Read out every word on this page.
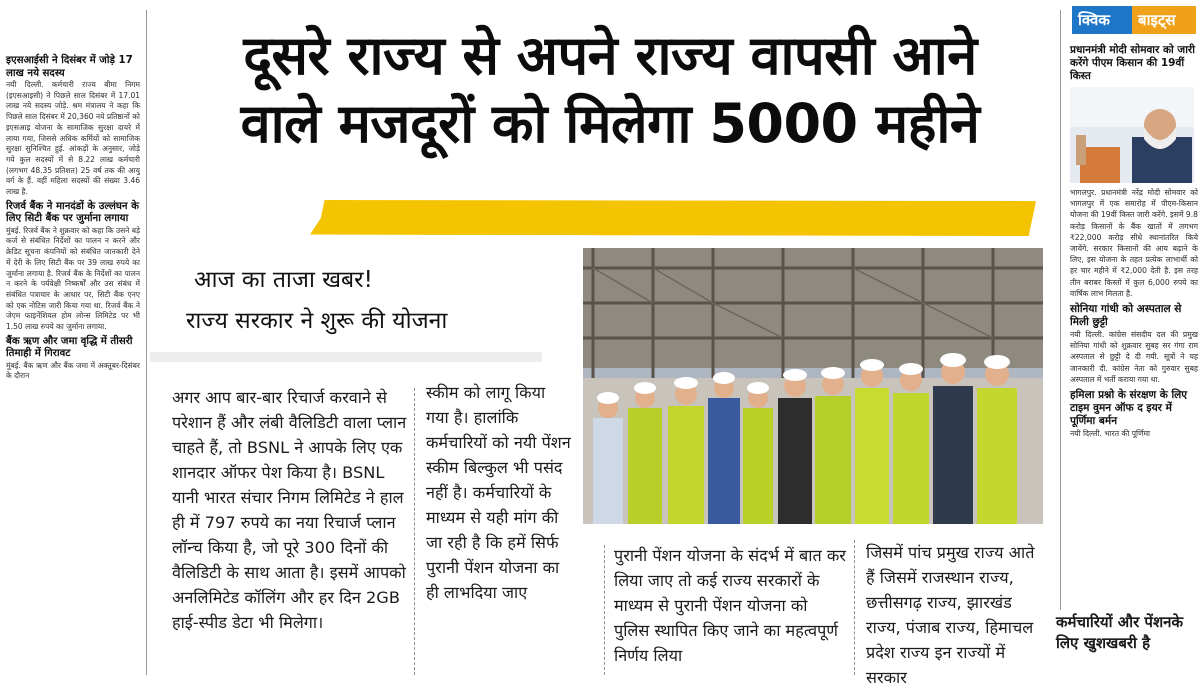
इएसआईसी ने दिसंबर में जोड़े 17 लाख नये सदस्य
नयी दिल्ली. कर्मचारी राज्य बीमा निगम (इएसआइसी) ने पिछले साल दिसंबर में 17.01 लाख नये सदस्य जोड़े. श्रम मंत्रालय ने कहा कि पिछले साल दिसंबर में 20,360 नये प्रतिष्ठानों को इएसआइ योजना के सामाजिक सुरक्षा दायरे में लाया गया, जिससे अधिक कर्मियों को सामाजिक सुरक्षा सुनिश्चित हुई. आंकड़ों के अनुसार, जोड़े गये कुल सदस्यों में से 8.22 लाख कर्मचारी (लगभग 48.35 प्रतिशत) 25 वर्ष तक की आयु वर्ग के हैं. वहीं महिला सदस्यों की संख्या 3.46 लाख है.
रिजर्व बैंक ने मानदंडों के उल्लंघन के लिए सिटी बैंक पर जुर्माना लगाया
मुंबई. रिजर्व बैंक ने शुक्रवार को कहा कि उसने बड़े कर्ज से संबंधित निर्देशों का पालन न करने और क्रेडिट सूचना कंपनियों को संबंधित जानकारी देने में देरी के लिए सिटी बैंक पर 39 लाख रुपये का जुर्माना लगाया है. रिजर्व बैंक के निर्देशों का पालन न करने के पर्यवेक्षी निष्कर्षों और उस संबंध में संबंधित पत्राचार के आधार पर, सिटी बैंक एनए को एक नोटिस जारी किया गया था. रिजर्व बैंक ने जेएम फाइनेंशियल होम लोन्स लिमिटेड पर भी 1.50 लाख रुपये का जुर्माना लगाया.
बैंक ऋण और जमा वृद्धि में तीसरी तिमाही में गिरावट
मुंबई. बैंक ऋण और बैंक जमा में अक्तूबर-दिसंबर के दौरान
दूसरे राज्य से अपने राज्य वापसी आने
वाले मजदूरों को मिलेगा 5000 महीने
आज का ताजा खबर!
राज्य सरकार ने शुरू की योजना
अगर आप बार-बार रिचार्ज करवाने से परेशान हैं और लंबी वैलिडिटी वाला प्लान चाहते हैं, तो BSNL ने आपके लिए एक शानदार ऑफर पेश किया है। BSNL यानी भारत संचार निगम लिमिटेड ने हाल ही में 797 रुपये का नया रिचार्ज प्लान लॉन्च किया है, जो पूरे 300 दिनों की वैलिडिटी के साथ आता है। इसमें आपको अनलिमिटेड कॉलिंग और हर दिन 2GB हाई-स्पीड डेटा भी मिलेगा।
स्कीम को लागू किया गया है। हालांकि कर्मचारियों को नयी पेंशन स्कीम बिल्कुल भी पसंद नहीं है। कर्मचारियों के माध्यम से यही मांग की जा रही है कि हमें सिर्फ पुरानी पेंशन योजना का ही लाभदिया जाए
पुरानी पेंशन योजना के संदर्भ में बात कर लिया जाए तो कई राज्य सरकारों के माध्यम से पुरानी पेंशन योजना को पुलिस स्थापित किए जाने का महत्वपूर्ण निर्णय लिया
जिसमें पांच प्रमुख राज्य आते हैं जिसमें राजस्थान राज्य, छत्तीसगढ़ राज्य, झारखंड राज्य, पंजाब राज्य, हिमाचल प्रदेश राज्य इन राज्यों में सरकार
क्विक	बाइट्स
प्रधानमंत्री मोदी सोमवार को जारी करेंगे पीएम किसान की 19वीं किस्त
भागलपुर. प्रधानमंत्री नरेंद्र मोदी सोमवार को भागलपुर में एक समारोह में पीएम-किसान योजना की 19वीं किस्त जारी करेंगे. इसमें 9.8 करोड़ किसानों के बैंक खातों में लगभग ₹22,000 करोड़ सीधे स्थानांतरित किये जायेंगे. सरकार किसानों की आय बढ़ाने के लिए, इस योजना के तहत प्रत्येक लाभार्थी को हर चार महीने में ₹2,000 देती है. इस तरह तीन बराबर किस्तों में कुल 6,000 रुपये का वार्षिक लाभ मिलता है.
सोनिया गांधी को अस्पताल से मिली छुट्टी
नयी दिल्ली. कांग्रेस संसदीय दल की प्रमुख सोनिया गांधी को शुक्रवार सुबह सर गंगा राम अस्पताल से छुट्टी दे दी गयी. सूत्रों ने यह जानकारी दी. कांग्रेस नेता को गुरुवार सुबह अस्पताल में भर्ती कराया गया था.
हमिला प्रश्नो के संरक्षण के लिए टाइम वुमन ऑफ द इयर में पूर्णिमा बर्मन
नयी दिल्ली. भारत की पूर्णिमा
कर्मचारियों और पेंशनके लिए खुशखबरी है
